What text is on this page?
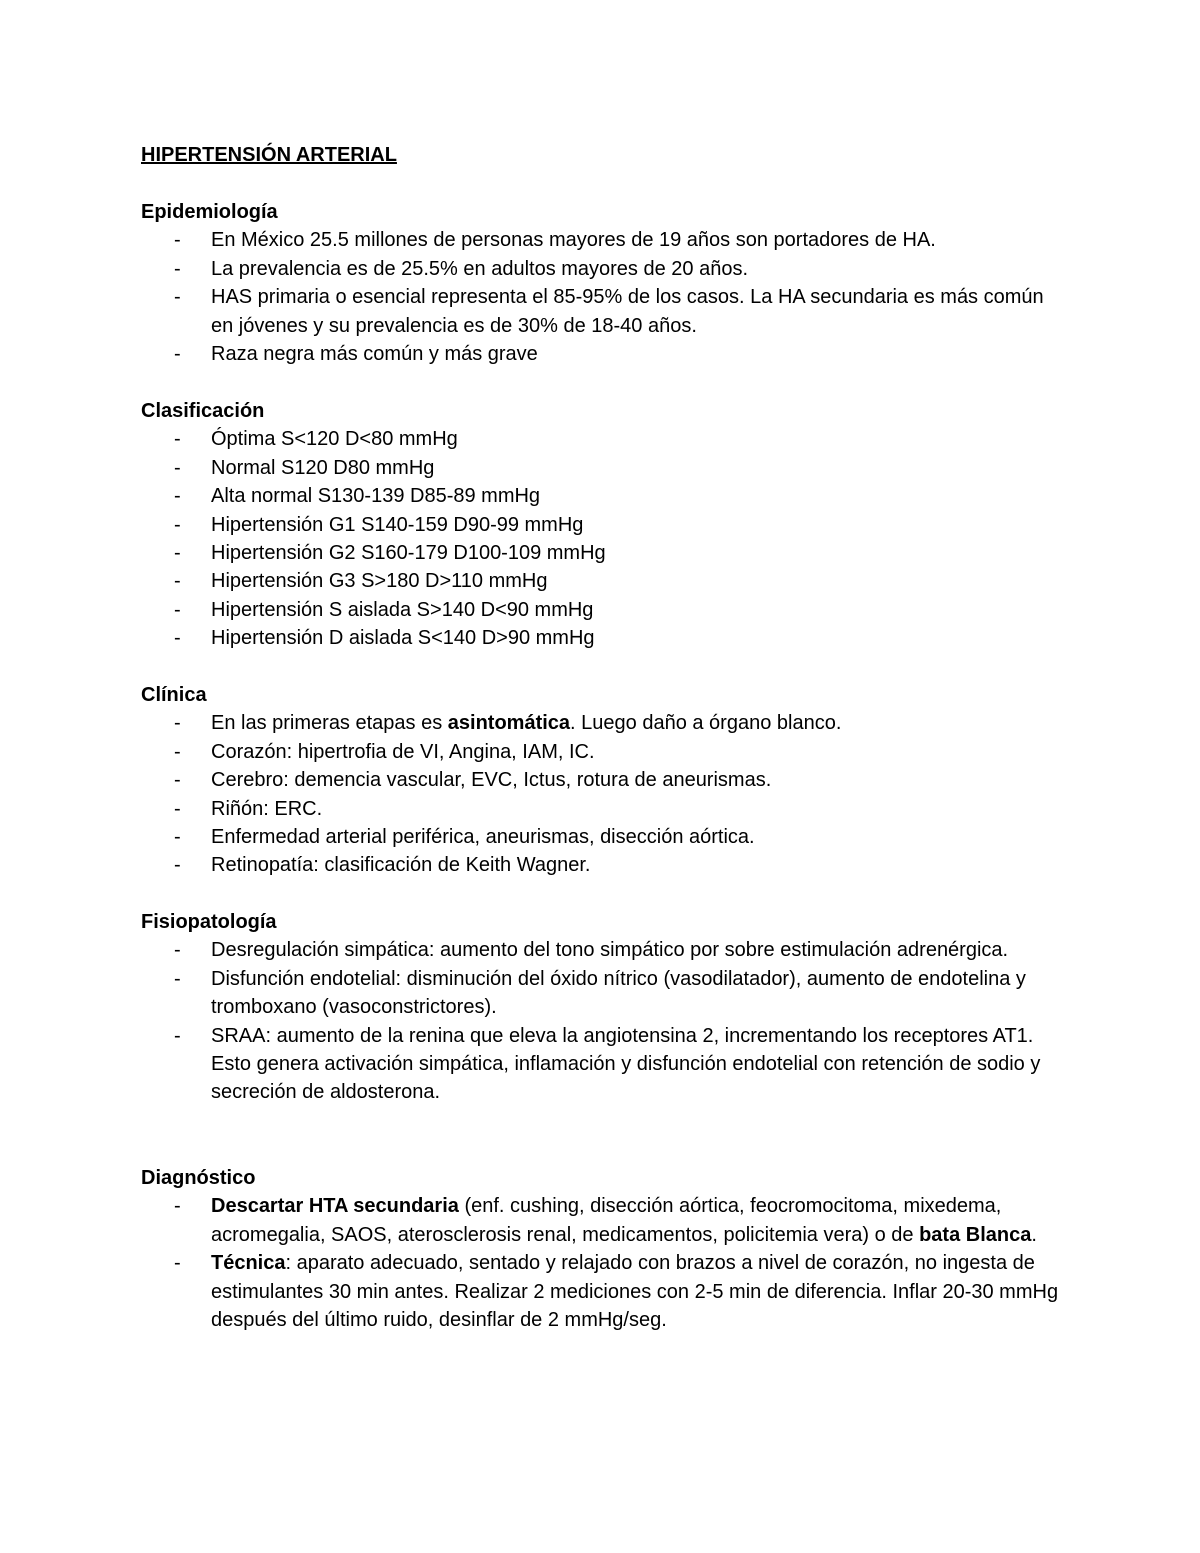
HIPERTENSIÓN ARTERIAL
Epidemiología
- En México 25.5 millones de personas mayores de 19 años son portadores de HA.
- La prevalencia es de 25.5% en adultos mayores de 20 años.
- HAS primaria o esencial representa el 85-95% de los casos. La HA secundaria es más común en jóvenes y su prevalencia es de 30% de 18-40 años.
- Raza negra más común y más grave
Clasificación
- Óptima S<120 D<80 mmHg
- Normal S120 D80 mmHg
- Alta normal S130-139 D85-89 mmHg
- Hipertensión G1 S140-159 D90-99 mmHg
- Hipertensión G2 S160-179 D100-109 mmHg
- Hipertensión G3 S>180 D>110 mmHg
- Hipertensión S aislada S>140 D<90 mmHg
- Hipertensión D aislada S<140 D>90 mmHg
Clínica
- En las primeras etapas es asintomática. Luego daño a órgano blanco.
- Corazón: hipertrofia de VI, Angina, IAM, IC.
- Cerebro: demencia vascular, EVC, Ictus, rotura de aneurismas.
- Riñón: ERC.
- Enfermedad arterial periférica, aneurismas, disección aórtica.
- Retinopatía: clasificación de Keith Wagner.
Fisiopatología
- Desregulación simpática: aumento del tono simpático por sobre estimulación adrenérgica.
- Disfunción endotelial: disminución del óxido nítrico (vasodilatador), aumento de endotelina y tromboxano (vasoconstrictores).
- SRAA: aumento de la renina que eleva la angiotensina 2, incrementando los receptores AT1. Esto genera activación simpática, inflamación y disfunción endotelial con retención de sodio y secreción de aldosterona.
Diagnóstico
- Descartar HTA secundaria (enf. cushing, disección aórtica, feocromocitoma, mixedema, acromegalia, SAOS, aterosclerosis renal, medicamentos, policitemia vera) o de bata Blanca.
- Técnica: aparato adecuado, sentado y relajado con brazos a nivel de corazón, no ingesta de estimulantes 30 min antes. Realizar 2 mediciones con 2-5 min de diferencia. Inflar 20-30 mmHg después del último ruido, desinflar de 2 mmHg/seg.
